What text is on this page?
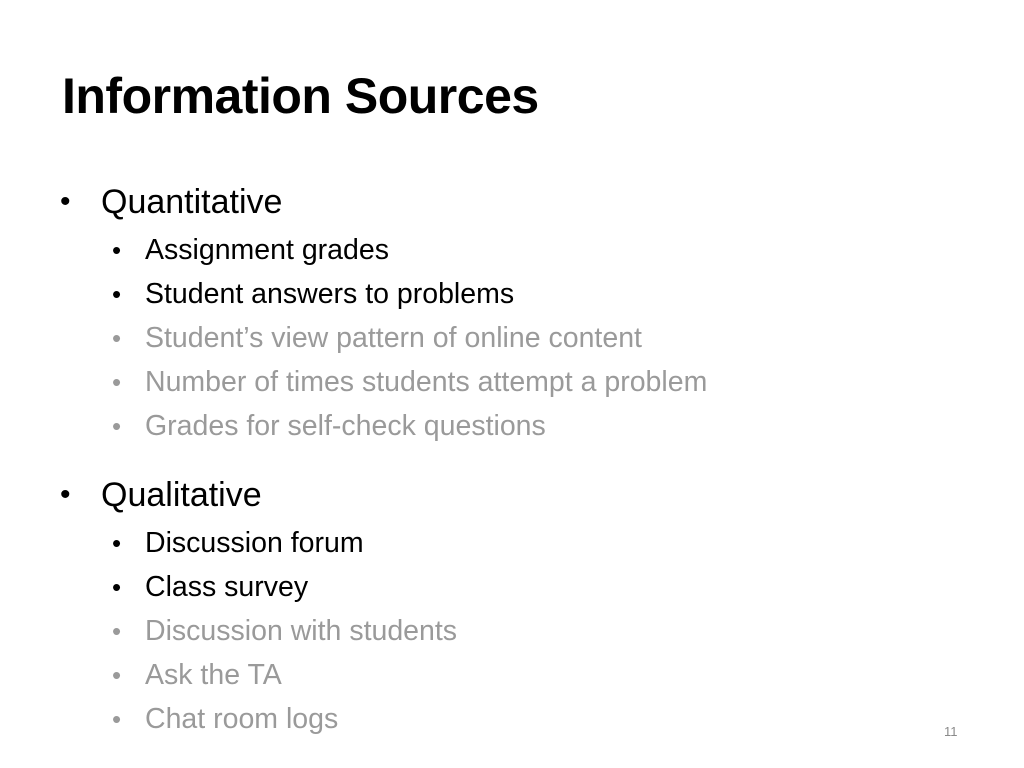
Information Sources
• Quantitative
• Assignment grades
• Student answers to problems
• Student’s view pattern of online content
• Number of times students attempt a problem
• Grades for self-check questions
• Qualitative
• Discussion forum
• Class survey
• Discussion with students
• Ask the TA
• Chat room logs	11
